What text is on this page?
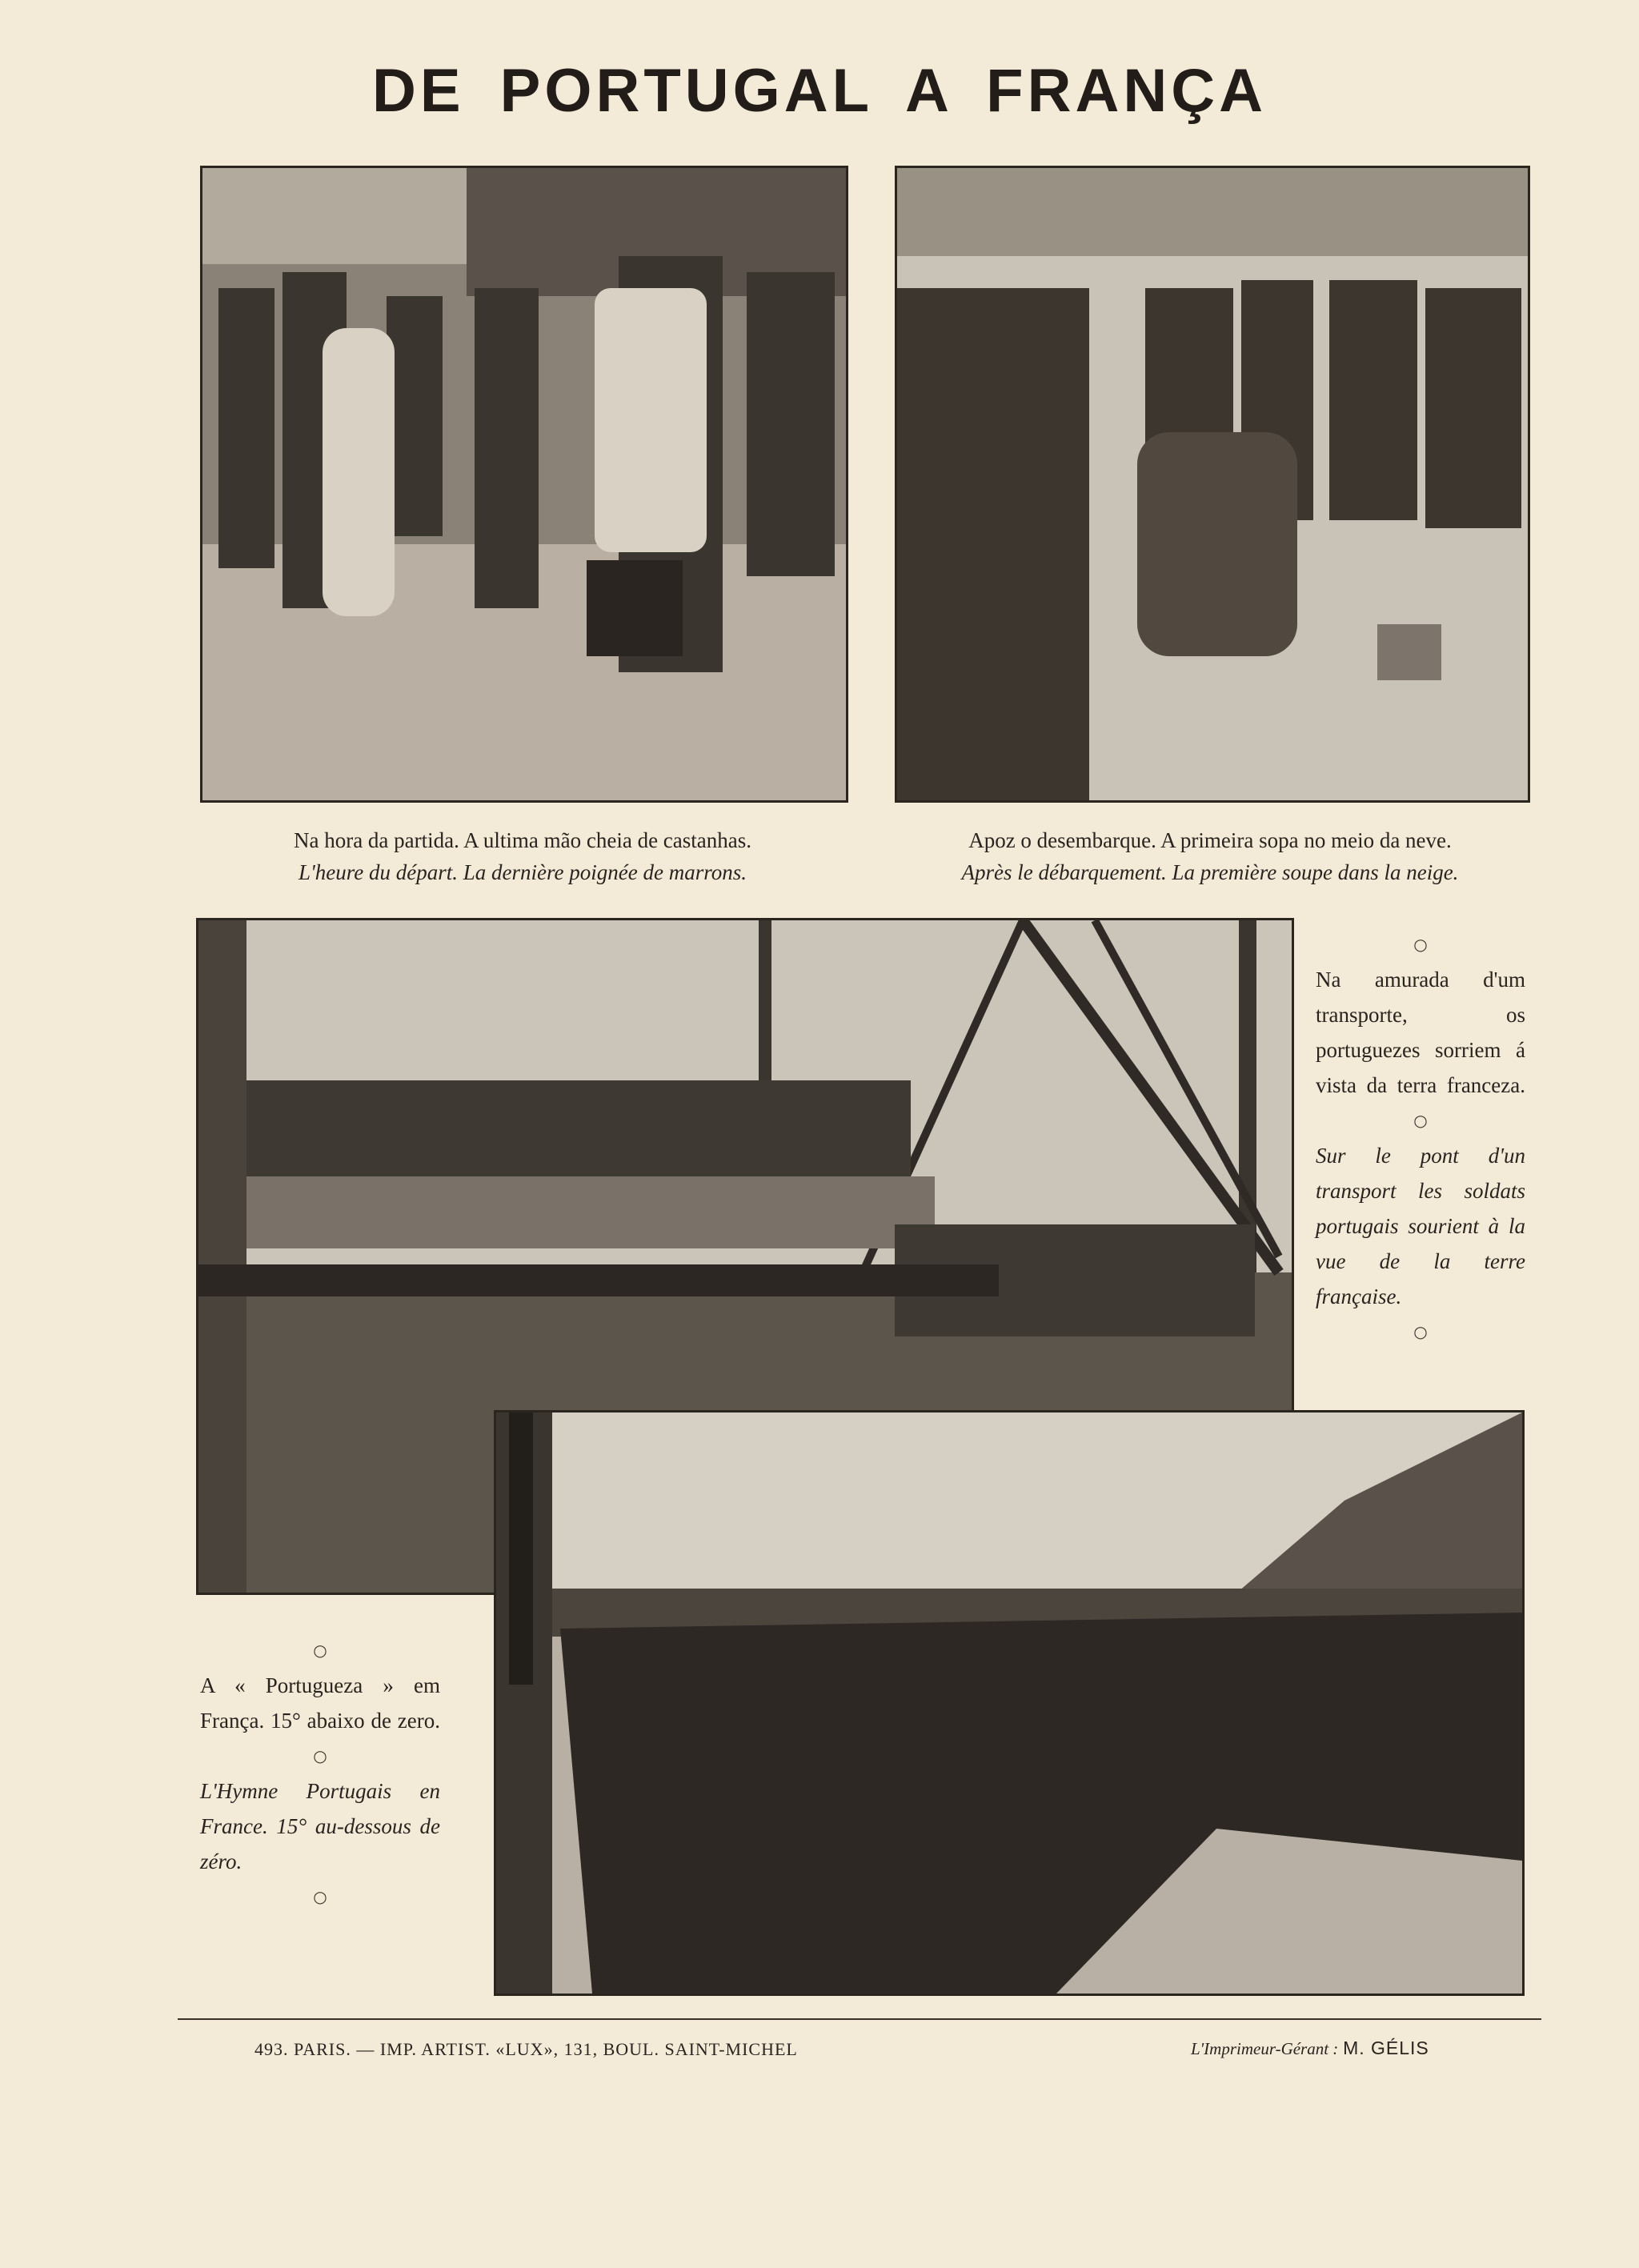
DE PORTUGAL A FRANÇA
Na hora da partida. A ultima mão cheia de castanhas.
L'heure du départ. La dernière poignée de marrons.
Apoz o desembarque. A primeira sopa no meio da neve.
Après le débarquement. La première soupe dans la neige.
○
Na amurada d'um transporte, os portuguezes sorriem á vista da terra franceza.
○
Sur le pont d'un transport les soldats portugais sourient à la vue de la terre française.
○
○
A « Portugueza » em França. 15° abaixo de zero.
○
L'Hymne Portugais en France. 15° au-dessous de zéro.
○
493. PARIS. — IMP. ARTIST. «LUX», 131, BOUL. SAINT-MICHEL	L'Imprimeur-Gérant : M. GÉLIS
